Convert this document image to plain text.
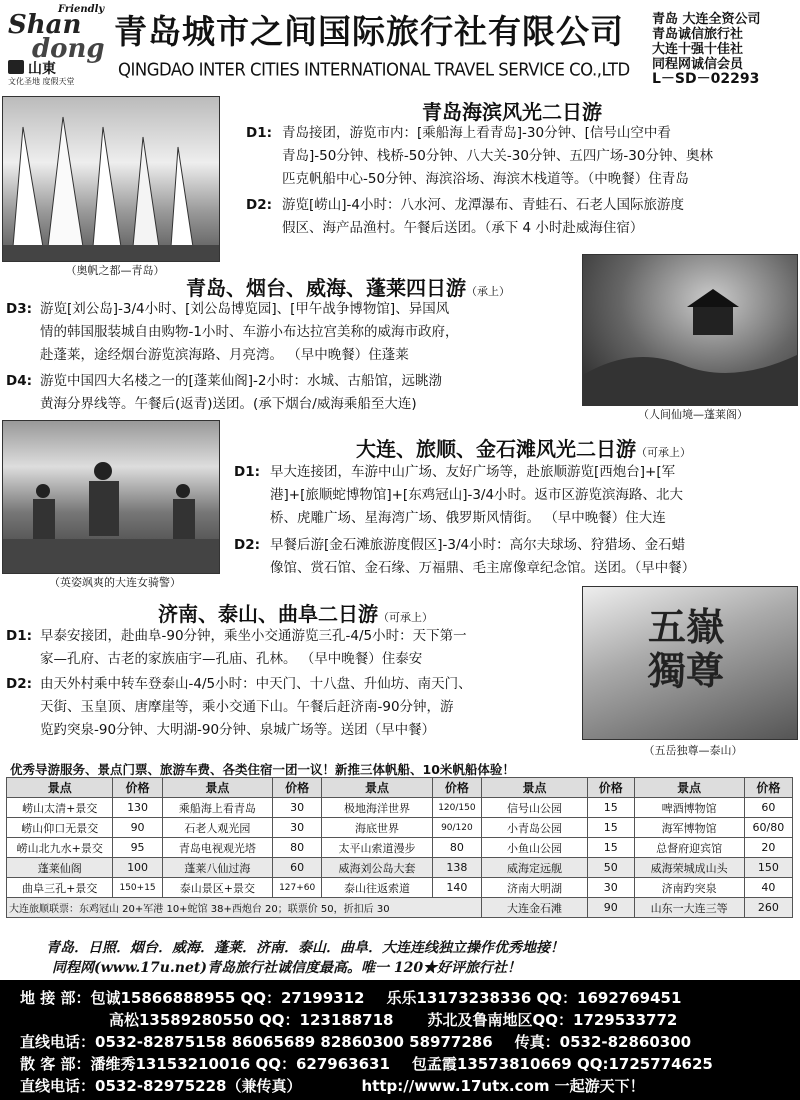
Friendly
Shan
dong
山東
文化圣地 度假天堂
青岛城市之间国际旅行社有限公司
QINGDAO INTER CITIES INTERNATIONAL TRAVEL SERVICE CO.,LTD
青岛 大连全资公司
青岛诚信旅行社
大连十强十佳社
同程网诚信会员
L－SD－02293
（奥帆之都—青岛）
青岛海滨风光二日游
D1: 青岛接团，游览市内：[乘船海上看青岛]-30分钟、[信号山空中看
青岛]-50分钟、栈桥-50分钟、八大关-30分钟、五四广场-30分钟、奥林
匹克帆船中心-50分钟、海滨浴场、海滨木栈道等。（中晚餐）住青岛
D2: 游览[崂山]-4小时：八水河、龙潭瀑布、青蛙石、石老人国际旅游度
假区、海产品渔村。午餐后送团。（承下 4 小时赴威海住宿）
青岛、烟台、威海、蓬莱四日游（承上）
D3: 游览[刘公岛]-3/4小时、[刘公岛博览园]、[甲午战争博物馆]、异国风
情的韩国服装城自由购物-1小时、车游小布达拉宫美称的威海市政府，
赴蓬莱，途经烟台游览滨海路、月亮湾。 （早中晚餐）住蓬莱
D4: 游览中国四大名楼之一的[蓬莱仙阁]-2小时：水城、古船馆，远眺渤
黄海分界线等。午餐后(返青)送团。(承下烟台/威海乘船至大连)
（人间仙境—蓬莱阁）
（英姿飒爽的大连女骑警）
大连、旅顺、金石滩风光二日游（可承上）
D1: 早大连接团，车游中山广场、友好广场等，赴旅顺游览[西炮台]+[军
港]+[旅顺蛇博物馆]+[东鸡冠山]-3/4小时。返市区游览滨海路、北大
桥、虎雕广场、星海湾广场、俄罗斯风情街。 （早中晚餐）住大连
D2: 早餐后游[金石滩旅游度假区]-3/4小时：高尔夫球场、狩猎场、金石蜡
像馆、赏石馆、金石缘、万福鼎、毛主席像章纪念馆。送团。（早中餐）
济南、泰山、曲阜二日游（可承上）
D1: 早泰安接团，赴曲阜-90分钟，乘坐小交通游览三孔-4/5小时：天下第一
家—孔府、古老的家族庙宇—孔庙、孔林。 （早中晚餐）住泰安
D2: 由天外村乘中转车登泰山-4/5小时：中天门、十八盘、升仙坊、南天门、
天街、玉皇顶、唐摩崖等，乘小交通下山。午餐后赶济南-90分钟，游
览趵突泉-90分钟、大明湖-90分钟、泉城广场等。送团（早中餐）
五嶽獨尊
（五岳独尊—泰山）
优秀导游服务、景点门票、旅游车费、各类住宿一团一议！新推三体帆船、10米帆船体验！
景点	价格	景点	价格	景点	价格	景点	价格	景点	价格
崂山太清+景交	130	乘船海上看青岛	30	极地海洋世界	120/150	信号山公园	15	啤酒博物馆	60
崂山仰口无景交	90	石老人观光园	30	海底世界	90/120	小青岛公园	15	海军博物馆	60/80
崂山北九水+景交	95	青岛电视观光塔	80	太平山索道漫步	80	小鱼山公园	15	总督府迎宾馆	20
蓬莱仙阁	100	蓬莱八仙过海	60	威海刘公岛大套	138	威海定远舰	50	威海荣城成山头	150
曲阜三孔+景交	150+15	泰山景区+景交	127+60	泰山往返索道	140	济南大明湖	30	济南趵突泉	40
大连旅顺联票：东鸡冠山 20+军港 10+蛇馆 38+西炮台 20；联票价 50，折扣后 30						大连金石滩	90	山东一大连三等	260
青岛．日照．烟台．威海．蓬莱．济南．泰山．曲阜．大连连线独立操作优秀地接！
同程网(www.17u.net)青岛旅行社诚信度最高。唯一 120★好评旅行社！
地 接 部：包诚15866888955 QQ：27199312 乐乐13173238336 QQ：1692769451
高松13589280550 QQ：123188718 苏北及鲁南地区QQ：1729533772
直线电话：0532-82875158 86065689 82860300 58977286 传真：0532-82860300
散 客 部：潘维秀13153210016 QQ：627963631 包孟霞13573810669 QQ:1725774625
直线电话：0532-82975228（兼传真）	http://www.17utx.com 一起游天下！
